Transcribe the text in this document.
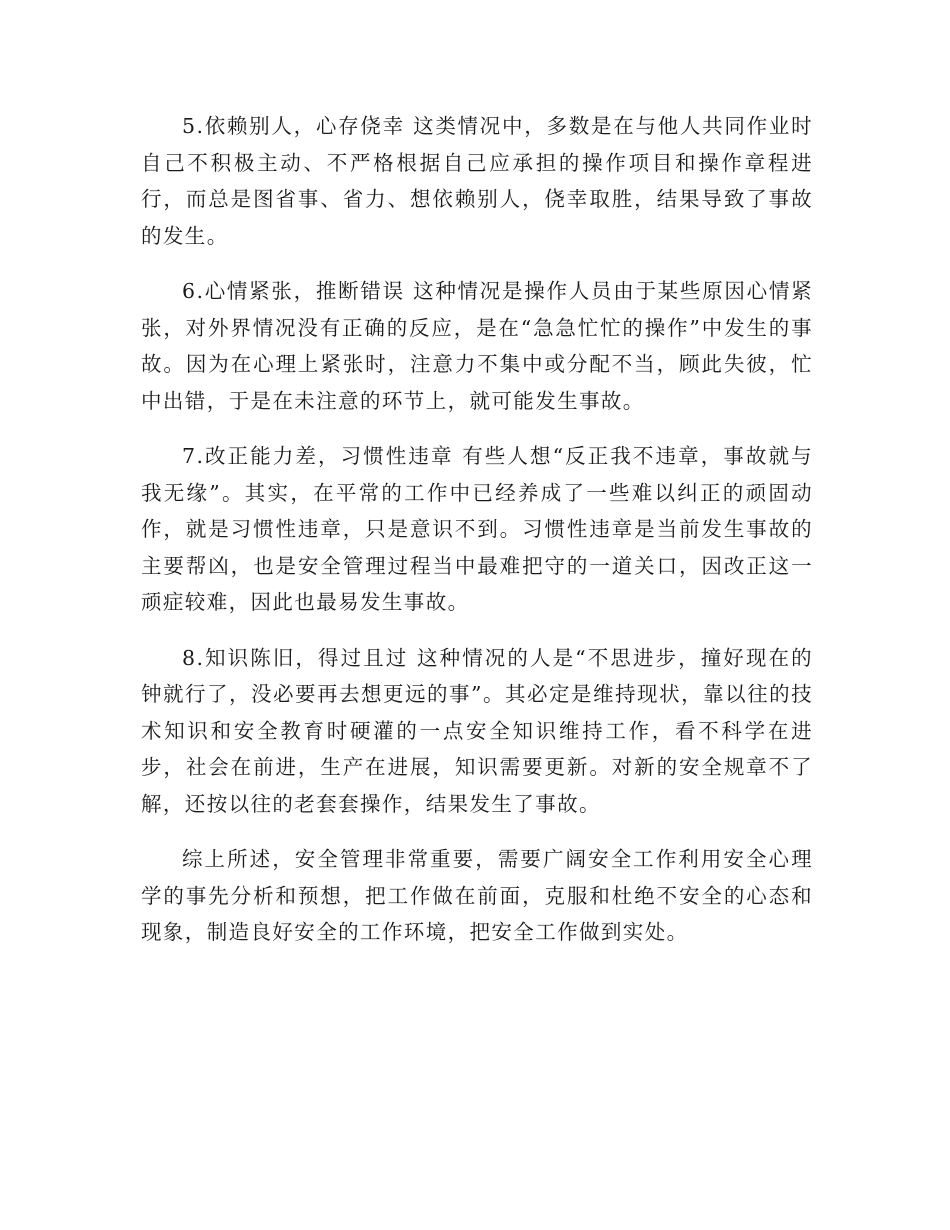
5.依赖别人，心存侥幸 这类情况中，多数是在与他人共同作业时自己不积极主动、不严格根据自己应承担的操作项目和操作章程进行，而总是图省事、省力、想依赖别人，侥幸取胜，结果导致了事故的发生。

6.心情紧张，推断错误 这种情况是操作人员由于某些原因心情紧张，对外界情况没有正确的反应，是在“急急忙忙的操作”中发生的事故。因为在心理上紧张时，注意力不集中或分配不当，顾此失彼，忙中出错，于是在未注意的环节上，就可能发生事故。

7.改正能力差，习惯性违章 有些人想“反正我不违章，事故就与我无缘”。其实，在平常的工作中已经养成了一些难以纠正的顽固动作，就是习惯性违章，只是意识不到。习惯性违章是当前发生事故的主要帮凶，也是安全管理过程当中最难把守的一道关口，因改正这一顽症较难，因此也最易发生事故。

8.知识陈旧，得过且过 这种情况的人是“不思进步，撞好现在的钟就行了，没必要再去想更远的事”。其必定是维持现状，靠以往的技术知识和安全教育时硬灌的一点安全知识维持工作，看不科学在进步，社会在前进，生产在进展，知识需要更新。对新的安全规章不了解，还按以往的老套套操作，结果发生了事故。

综上所述，安全管理非常重要，需要广阔安全工作利用安全心理学的事先分析和预想，把工作做在前面，克服和杜绝不安全的心态和现象，制造良好安全的工作环境，把安全工作做到实处。
